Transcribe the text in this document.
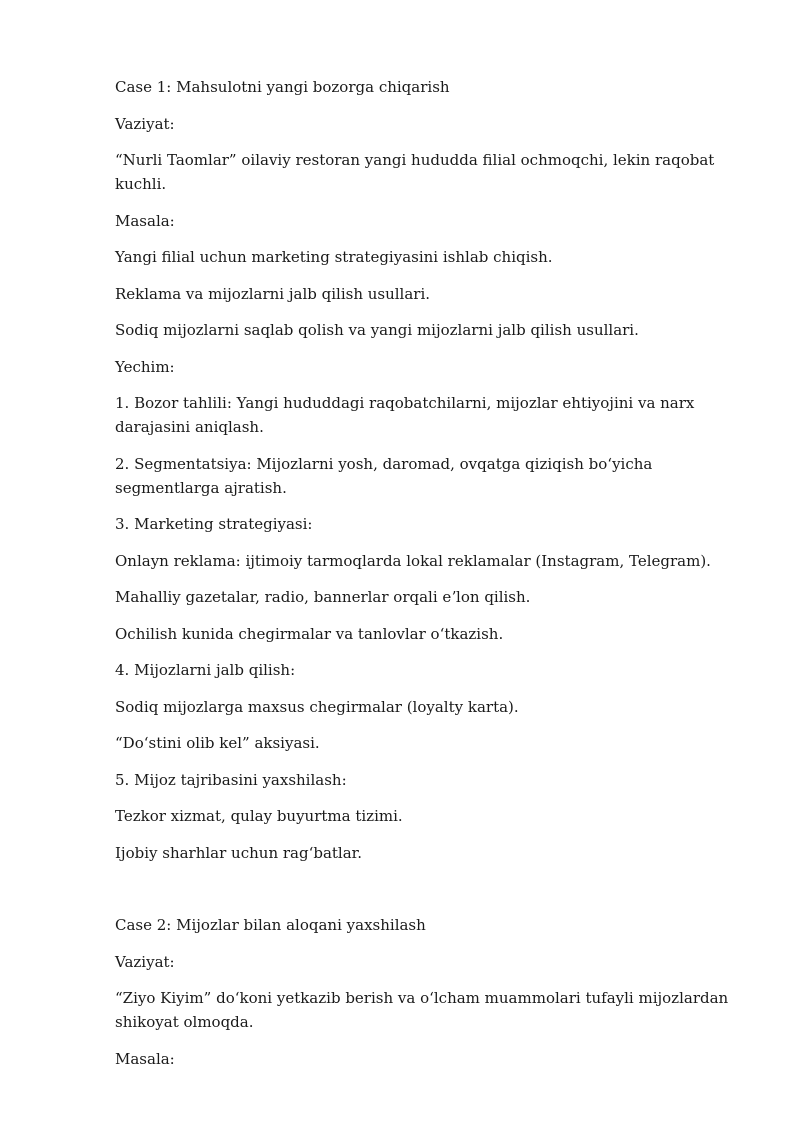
Case 1: Mahsulotni yangi bozorga chiqarish

Vaziyat:

“Nurli Taomlar” oilaviy restoran yangi hududda filial ochmoqchi, lekin raqobat kuchli.

Masala:

Yangi filial uchun marketing strategiyasini ishlab chiqish.

Reklama va mijozlarni jalb qilish usullari.

Sodiq mijozlarni saqlab qolish va yangi mijozlarni jalb qilish usullari.

Yechim:

1. Bozor tahlili: Yangi hududdagi raqobatchilarni, mijozlar ehtiyojini va narx darajasini aniqlash.

2. Segmentatsiya: Mijozlarni yosh, daromad, ovqatga qiziqish boʻyicha segmentlarga ajratish.

3. Marketing strategiyasi:

Onlayn reklama: ijtimoiy tarmoqlarda lokal reklamalar (Instagram, Telegram).

Mahalliy gazetalar, radio, bannerlar orqali eʼlon qilish.

Ochilish kunida chegirmalar va tanlovlar oʻtkazish.

4. Mijozlarni jalb qilish:

Sodiq mijozlarga maxsus chegirmalar (loyalty karta).

“Doʻstini olib kel” aksiyasi.

5. Mijoz tajribasini yaxshilash:

Tezkor xizmat, qulay buyurtma tizimi.

Ijobiy sharhlar uchun ragʻbatlar.

Case 2: Mijozlar bilan aloqani yaxshilash

Vaziyat:

“Ziyo Kiyim” doʻkoni yetkazib berish va oʻlcham muammolari tufayli mijozlardan shikoyat olmoqda.

Masala:
